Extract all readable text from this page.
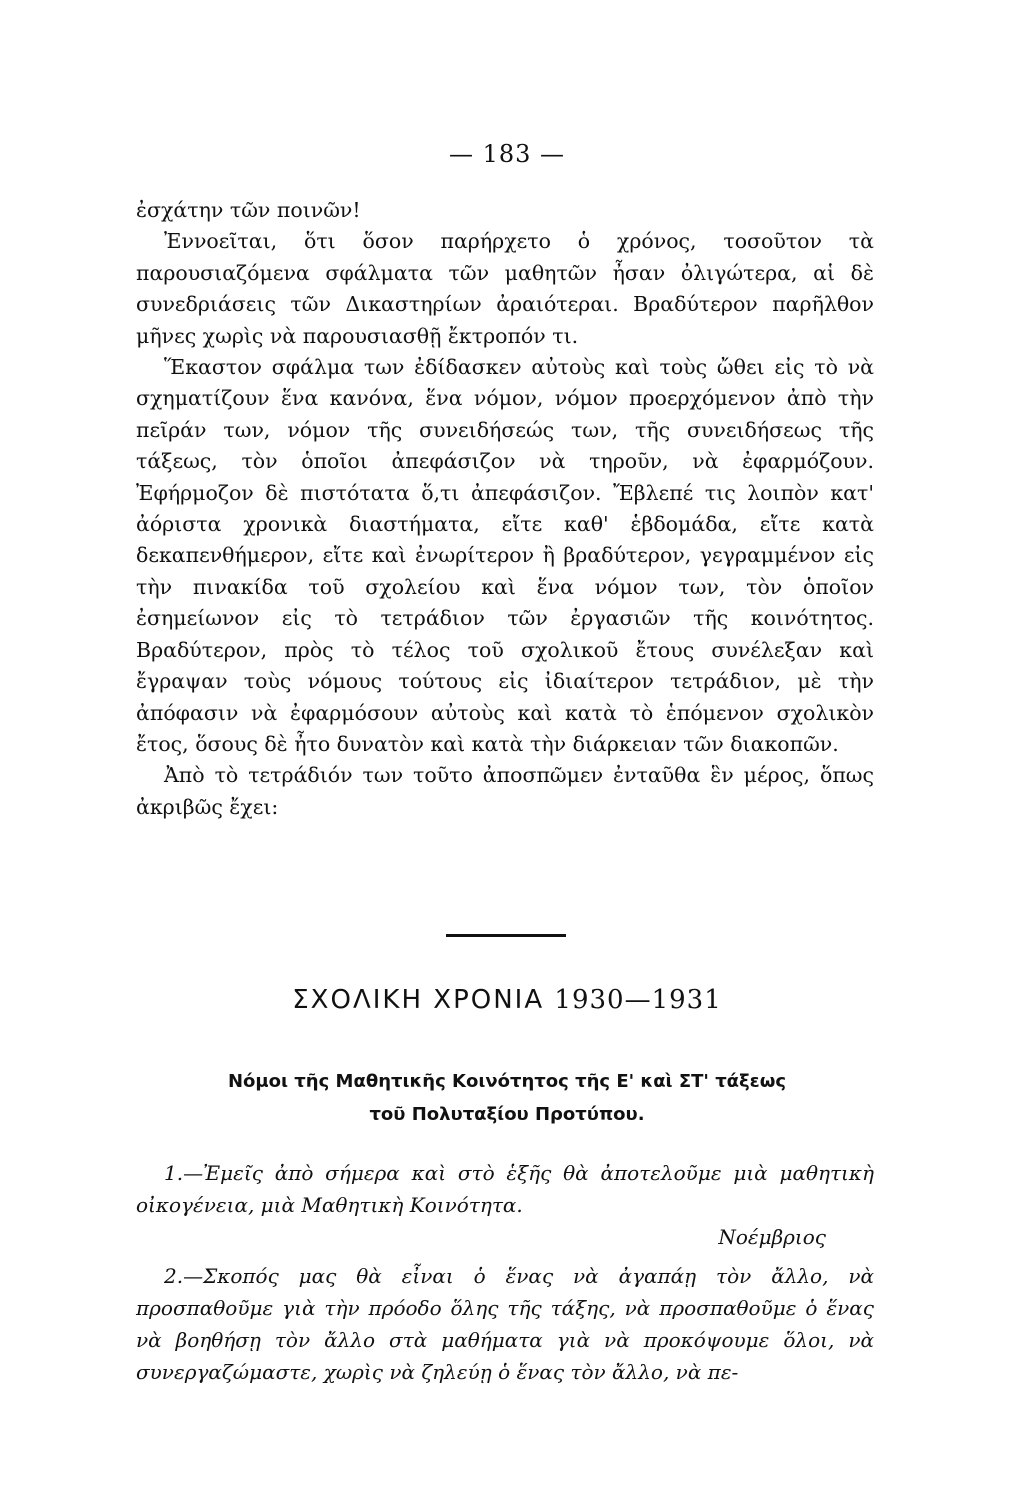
— 183 —

ἐσχάτην τῶν ποινῶν!

Ἐννοεῖται, ὅτι ὅσον παρήρχετο ὁ χρόνος, τοσοῦτον τὰ παρουσιαζόμενα σφάλματα τῶν μαθητῶν ἦσαν ὀλιγώτερα, αἱ δὲ συνεδριάσεις τῶν Δικαστηρίων ἀραιότεραι. Βραδύτερον παρῆλθον μῆνες χωρὶς νὰ παρουσιασθῇ ἔκτροπόν τι.

Ἕκαστον σφάλμα των ἐδίδασκεν αὐτοὺς καὶ τοὺς ὤθει εἰς τὸ νὰ σχηματίζουν ἕνα κανόνα, ἕνα νόμον, νόμον προερχόμενον ἀπὸ τὴν πεῖράν των, νόμον τῆς συνειδήσεώς των, τῆς συνειδήσεως τῆς τάξεως, τὸν ὁποῖοι ἀπεφάσιζον νὰ τηροῦν, νὰ ἐφαρμόζουν. Ἐφήρμοζον δὲ πιστότατα ὅ,τι ἀπεφάσιζον. Ἔβλεπέ τις λοιπὸν κατ' ἀόριστα χρονικὰ διαστήματα, εἴτε καθ' ἑβδομάδα, εἴτε κατὰ δεκαπενθήμερον, εἴτε καὶ ἐνωρίτερον ἢ βραδύτερον, γεγραμμένον εἰς τὴν πινακίδα τοῦ σχολείου καὶ ἕνα νόμον των, τὸν ὁποῖον ἐσημείωνον εἰς τὸ τετράδιον τῶν ἐργασιῶν τῆς κοινότητος. Βραδύτερον, πρὸς τὸ τέλος τοῦ σχολικοῦ ἔτους συνέλεξαν καὶ ἔγραψαν τοὺς νόμους τούτους εἰς ἰδιαίτερον τετράδιον, μὲ τὴν ἀπόφασιν νὰ ἐφαρμόσουν αὐτοὺς καὶ κατὰ τὸ ἑπόμενον σχολικὸν ἔτος, ὅσους δὲ ἦτο δυνατὸν καὶ κατὰ τὴν διάρκειαν τῶν διακοπῶν.

Ἀπὸ τὸ τετράδιόν των τοῦτο ἀποσπῶμεν ἐνταῦθα ἓν μέρος, ὅπως ἀκριβῶς ἔχει:

ΣΧΟΛΙΚΗ ΧΡΟΝΙΑ 1930—1931
Νόμοι τῆς Μαθητικῆς Κοινότητος τῆς Ε' καὶ ΣΤ' τάξεως
τοῦ Πολυταξίου Προτύπου.

1.—Ἐμεῖς ἀπὸ σήμερα καὶ στὸ ἑξῆς θὰ ἀποτελοῦμε μιὰ μαθητικὴ οἰκογένεια, μιὰ Μαθητικὴ Κοινότητα.

Νοέμβριος

2.—Σκοπός μας θὰ εἶναι ὁ ἕνας νὰ ἀγαπάῃ τὸν ἄλλο, νὰ προσπαθοῦμε γιὰ τὴν πρόοδο ὅλης τῆς τάξης, νὰ προσπαθοῦμε ὁ ἕνας νὰ βοηθήσῃ τὸν ἄλλο στὰ μαθήματα γιὰ νὰ προκόψουμε ὅλοι, νὰ συνεργαζώμαστε, χωρὶς νὰ ζηλεύῃ ὁ ἕνας τὸν ἄλλο, νὰ πε-
